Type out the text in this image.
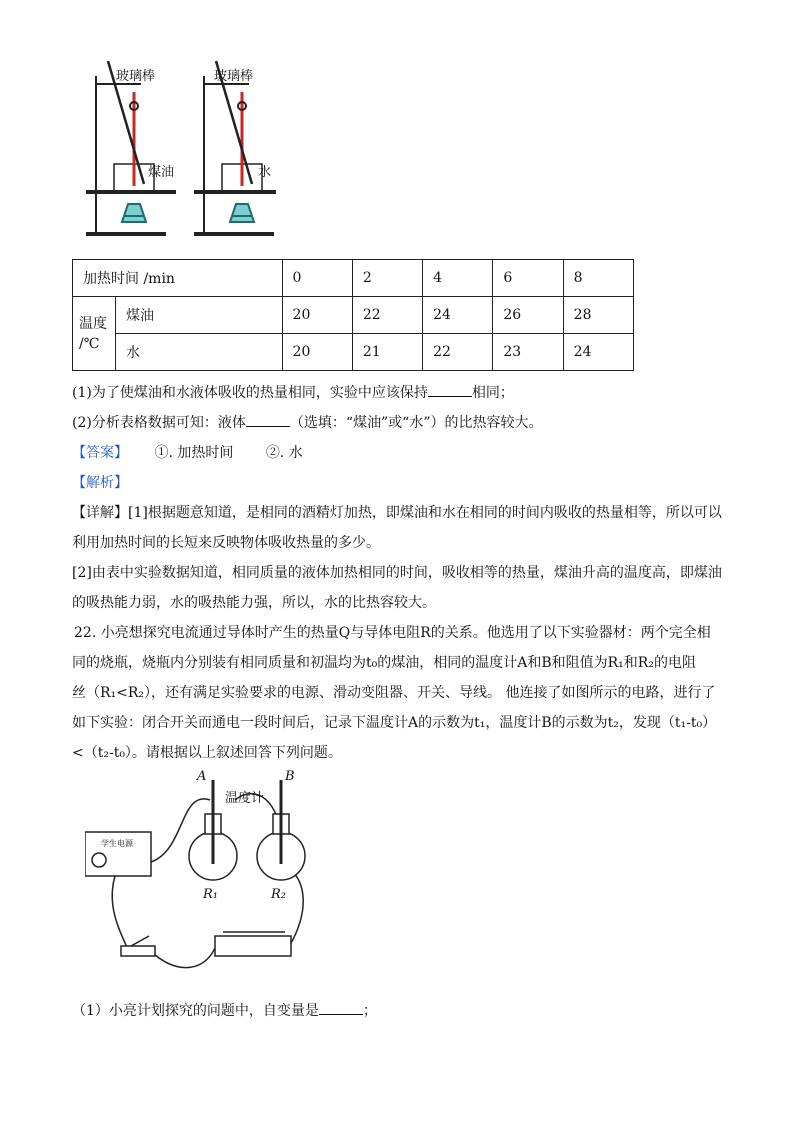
玻璃棒
煤油
玻璃棒
水
加热时间 /min		0	2	4	6	8
温度
/℃	煤油	20	22	24	26	28
	水	20	21	22	23	24
(1)为了使煤油和水液体吸收的热量相同，实验中应该保持	相同；
(2)分析表格数据可知：液体	（选填：“煤油”或“水”）的比热容较大。
【答案】 ①. 加热时间 ②. 水
【解析】
【详解】[1]根据题意知道，是相同的酒精灯加热，即煤油和水在相同的时间内吸收的热量相等，所以可以
利用加热时间的长短来反映物体吸收热量的多少。
[2]由表中实验数据知道，相同质量的液体加热相同的时间，吸收相等的热量，煤油升高的温度高，即煤油
的吸热能力弱，水的吸热能力强，所以，水的比热容较大。
22. 小亮想探究电流通过导体时产生的热量Q与导体电阻R的关系。他选用了以下实验器材：两个完全相
同的烧瓶，烧瓶内分别装有相同质量和初温均为t₀的煤油，相同的温度计A和B和阻值为R₁和R₂的电阻
丝（R₁<R₂），还有满足实验要求的电源、滑动变阻器、开关、导线。 他连接了如图所示的电路，进行了
如下实验：闭合开关而通电一段时间后，记录下温度计A的示数为t₁，温度计B的示数为t₂，发现（t₁-t₀）
<（t₂-t₀）。请根据以上叙述回答下列问题。
A	B
温度计
R₁	R₂
学生电源
（1）小亮计划探究的问题中，自变量是	；
